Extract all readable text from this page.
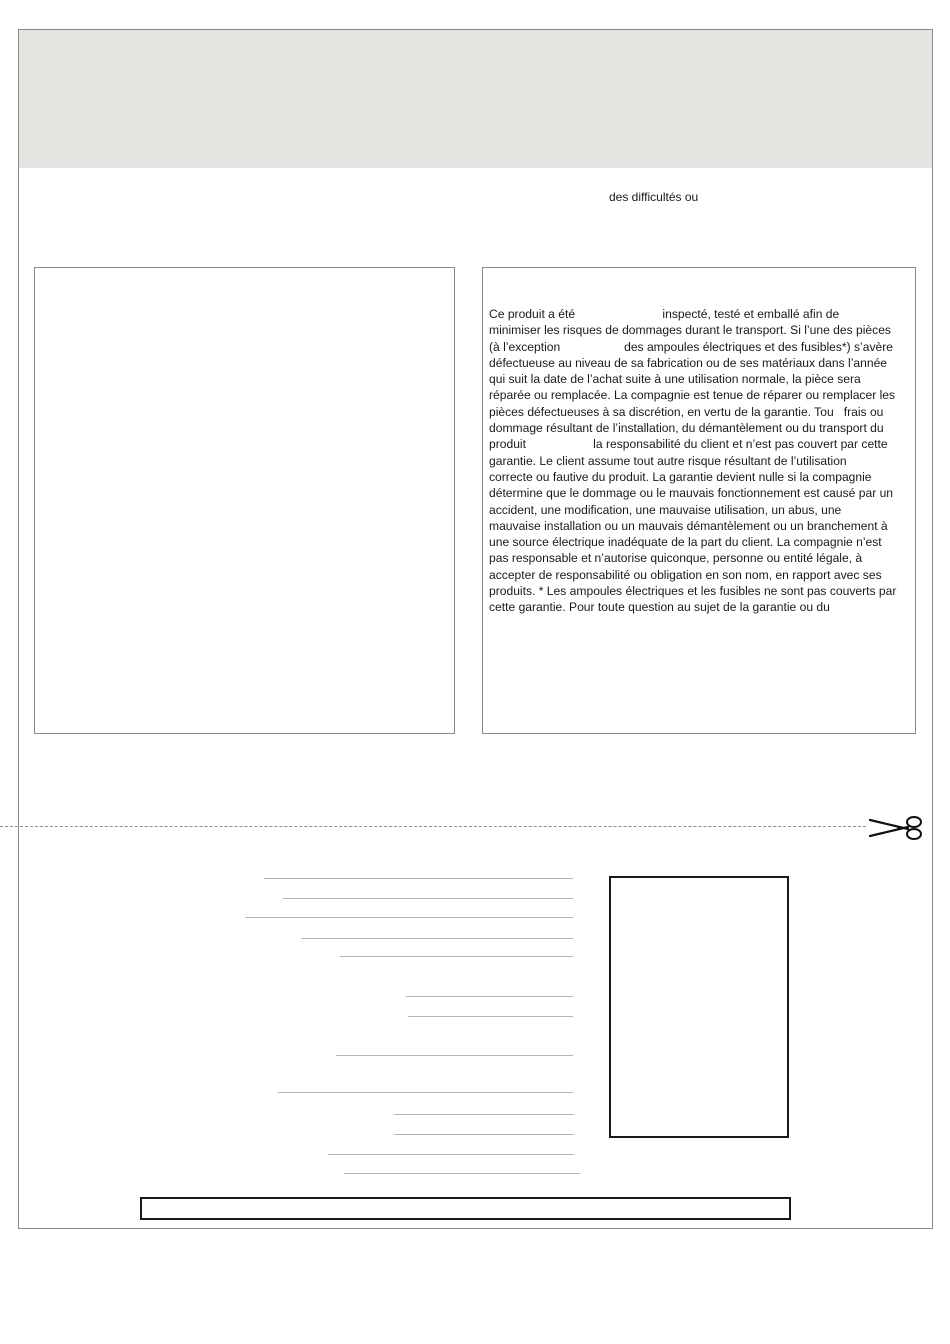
des difficultés ou
Ce produit a été                          inspecté, testé et emballé afin de
minimiser les risques de dommages durant le transport. Si l’une des pièces
(à l’exception                   des ampoules électriques et des fusibles*) s’avère
défectueuse au niveau de sa fabrication ou de ses matériaux dans l’année
qui suit la date de l’achat suite à une utilisation normale, la pièce sera
réparée ou remplacée. La compagnie est tenue de réparer ou remplacer les
pièces défectueuses à sa discrétion, en vertu de la garantie. Tou   frais ou
dommage résultant de l’installation, du démantèlement ou du transport du
produit                    la responsabilité du client et n’est pas couvert par cette
garantie. Le client assume tout autre risque résultant de l’utilisation
correcte ou fautive du produit. La garantie devient nulle si la compagnie
détermine que le dommage ou le mauvais fonctionnement est causé par un
accident, une modification, une mauvaise utilisation, un abus, une
mauvaise installation ou un mauvais démantèlement ou un branchement à
une source électrique inadéquate de la part du client. La compagnie n’est
pas responsable et n’autorise quiconque, personne ou entité légale, à
accepter de responsabilité ou obligation en son nom, en rapport avec ses
produits. * Les ampoules électriques et les fusibles ne sont pas couverts par
cette garantie. Pour toute question au sujet de la garantie ou du
